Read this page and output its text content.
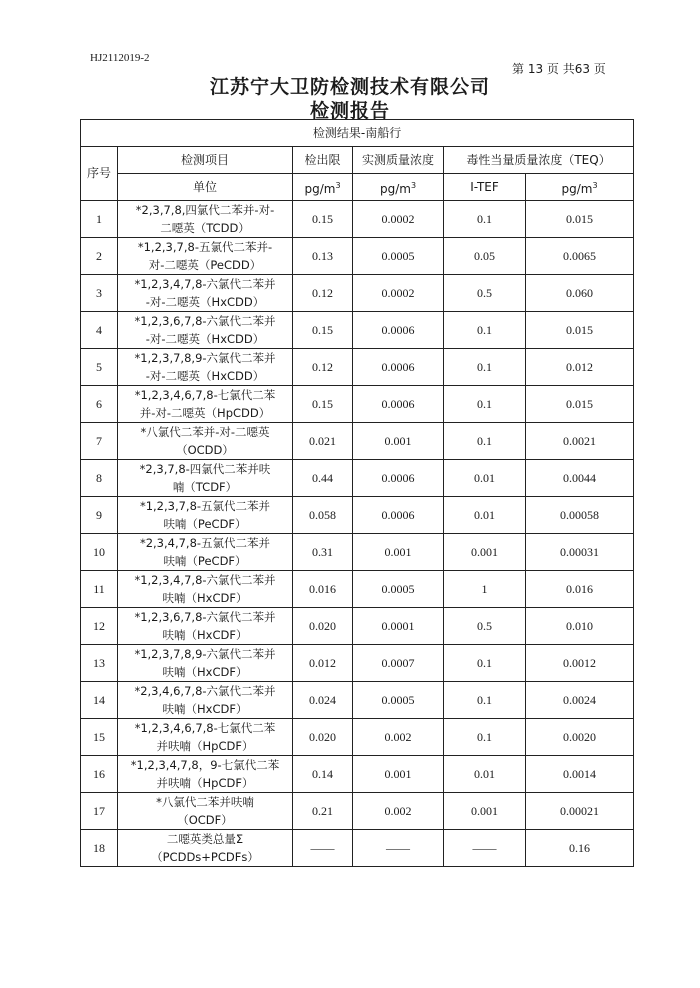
HJ2112019-2
第 13 页 共63 页
江苏宁大卫防检测技术有限公司
检测报告
检测结果-南船行					
序号	检测项目	检出限	实测质量浓度	毒性当量质量浓度（TEQ）	
	单位	$pg/m^3$	$pg/m^3$	I-TEF	$pg/m^3$
1	*2,3,7,8,四氯代二苯并-对-
二噁英（TCDD）	0.15	0.0002	0.1	0.015
2	*1,2,3,7,8-五氯代二苯并-
对-二噁英（PeCDD）	0.13	0.0005	0.05	0.0065
3	*1,2,3,4,7,8-六氯代二苯并
-对-二噁英（HxCDD）	0.12	0.0002	0.5	0.060
4	*1,2,3,6,7,8-六氯代二苯并
-对-二噁英（HxCDD）	0.15	0.0006	0.1	0.015
5	*1,2,3,7,8,9-六氯代二苯并
-对-二噁英（HxCDD）	0.12	0.0006	0.1	0.012
6	*1,2,3,4,6,7,8-七氯代二苯
并-对-二噁英（HpCDD）	0.15	0.0006	0.1	0.015
7	*八氯代二苯并-对-二噁英
（OCDD）	0.021	0.001	0.1	0.0021
8	*2,3,7,8-四氯代二苯并呋
喃（TCDF）	0.44	0.0006	0.01	0.0044
9	*1,2,3,7,8-五氯代二苯并
呋喃（PeCDF）	0.058	0.0006	0.01	0.00058
10	*2,3,4,7,8-五氯代二苯并
呋喃（PeCDF）	0.31	0.001	0.001	0.00031
11	*1,2,3,4,7,8-六氯代二苯并
呋喃（HxCDF）	0.016	0.0005	1	0.016
12	*1,2,3,6,7,8-六氯代二苯并
呋喃（HxCDF）	0.020	0.0001	0.5	0.010
13	*1,2,3,7,8,9-六氯代二苯并
呋喃（HxCDF）	0.012	0.0007	0.1	0.0012
14	*2,3,4,6,7,8-六氯代二苯并
呋喃（HxCDF）	0.024	0.0005	0.1	0.0024
15	*1,2,3,4,6,7,8-七氯代二苯
并呋喃（HpCDF）	0.020	0.002	0.1	0.0020
16	*1,2,3,4,7,8，9-七氯代二苯
并呋喃（HpCDF）	0.14	0.001	0.01	0.0014
17	*八氯代二苯并呋喃
（OCDF）	0.21	0.002	0.001	0.00021
18	二噁英类总量Σ
（PCDDs+PCDFs）	——	——	——	0.16
